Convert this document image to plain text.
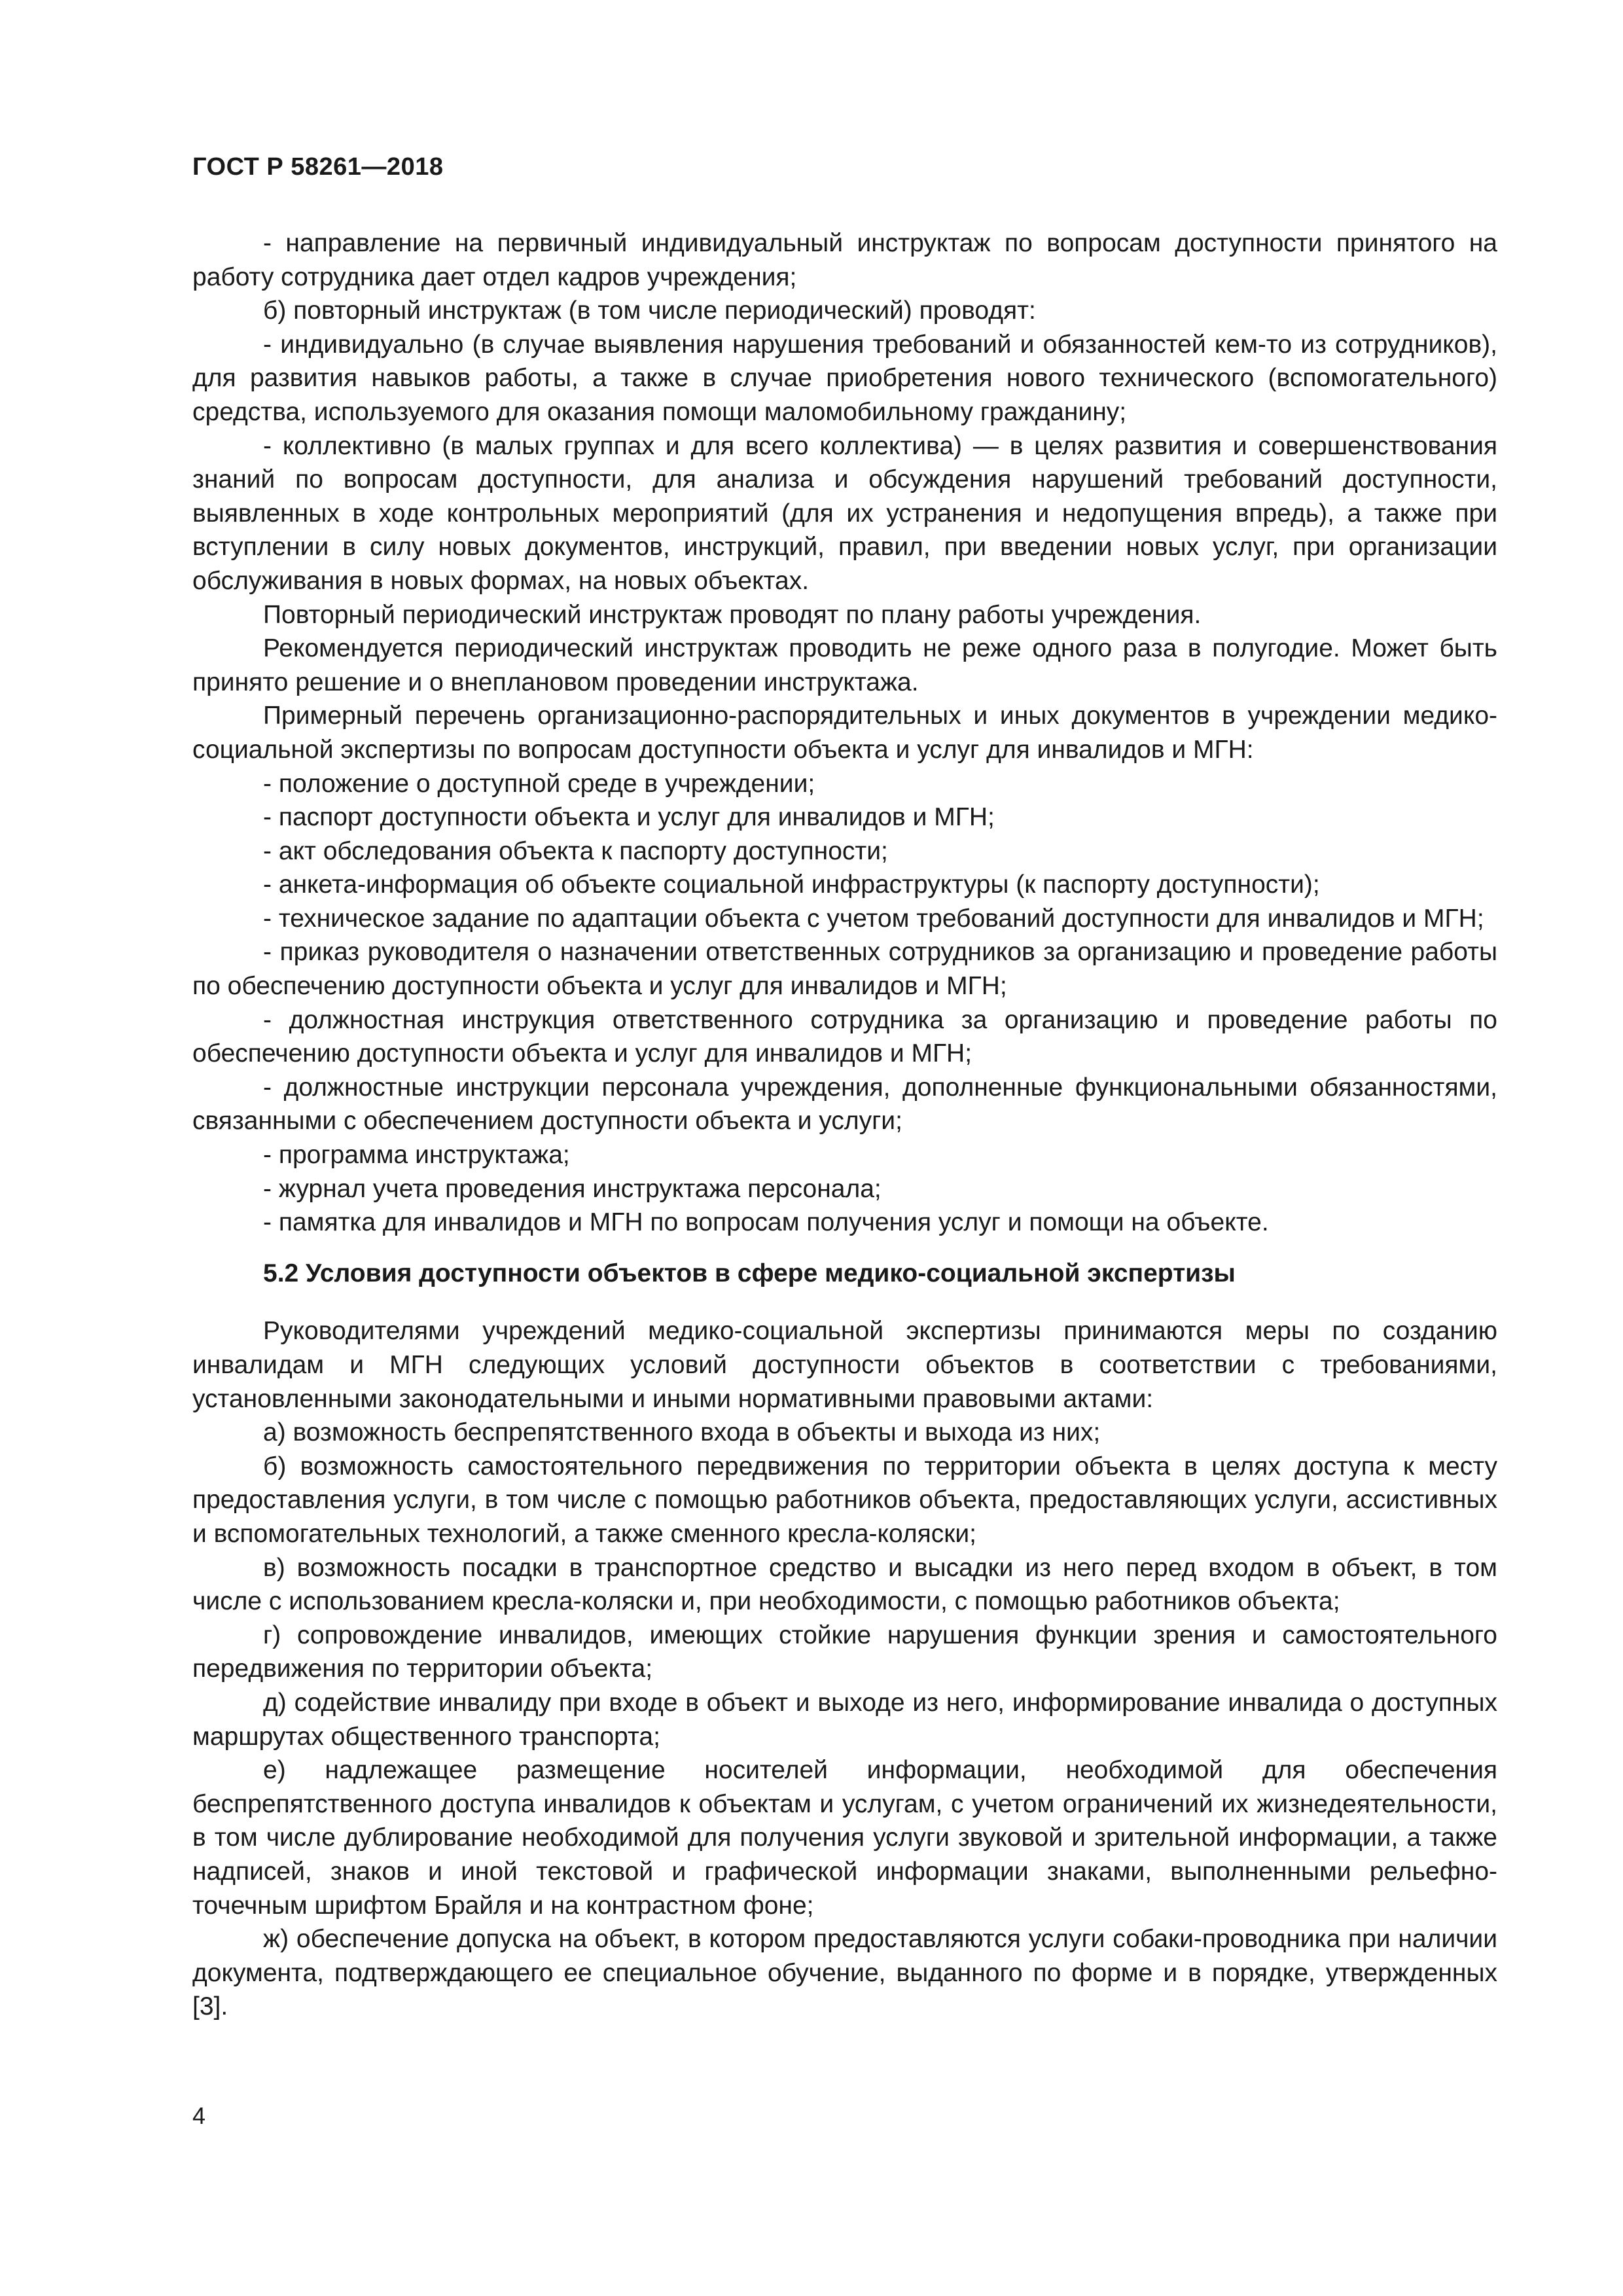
ГОСТ Р 58261—2018

- направление на первичный индивидуальный инструктаж по вопросам доступности принятого на работу сотрудника дает отдел кадров учреждения;

б) повторный инструктаж (в том числе периодический) проводят:

- индивидуально (в случае выявления нарушения требований и обязанностей кем-то из сотрудников), для развития навыков работы, а также в случае приобретения нового технического (вспомогательного) средства, используемого для оказания помощи маломобильному гражданину;

- коллективно (в малых группах и для всего коллектива) — в целях развития и совершенствования знаний по вопросам доступности, для анализа и обсуждения нарушений требований доступности, выявленных в ходе контрольных мероприятий (для их устранения и недопущения впредь), а также при вступлении в силу новых документов, инструкций, правил, при введении новых услуг, при организации обслуживания в новых формах, на новых объектах.

Повторный периодический инструктаж проводят по плану работы учреждения.

Рекомендуется периодический инструктаж проводить не реже одного раза в полугодие. Может быть принято решение и о внеплановом проведении инструктажа.

Примерный перечень организационно-распорядительных и иных документов в учреждении медико-социальной экспертизы по вопросам доступности объекта и услуг для инвалидов и МГН:

- положение о доступной среде в учреждении;

- паспорт доступности объекта и услуг для инвалидов и МГН;

- акт обследования объекта к паспорту доступности;

- анкета-информация об объекте социальной инфраструктуры (к паспорту доступности);

- техническое задание по адаптации объекта с учетом требований доступности для инвалидов и МГН;

- приказ руководителя о назначении ответственных сотрудников за организацию и проведение работы по обеспечению доступности объекта и услуг для инвалидов и МГН;

- должностная инструкция ответственного сотрудника за организацию и проведение работы по обеспечению доступности объекта и услуг для инвалидов и МГН;

- должностные инструкции персонала учреждения, дополненные функциональными обязанностями, связанными с обеспечением доступности объекта и услуги;

- программа инструктажа;

- журнал учета проведения инструктажа персонала;

- памятка для инвалидов и МГН по вопросам получения услуг и помощи на объекте.

5.2 Условия доступности объектов в сфере медико-социальной экспертизы

Руководителями учреждений медико-социальной экспертизы принимаются меры по созданию инвалидам и МГН следующих условий доступности объектов в соответствии с требованиями, установленными законодательными и иными нормативными правовыми актами:

а) возможность беспрепятственного входа в объекты и выхода из них;

б) возможность самостоятельного передвижения по территории объекта в целях доступа к месту предоставления услуги, в том числе с помощью работников объекта, предоставляющих услуги, ассистивных и вспомогательных технологий, а также сменного кресла-коляски;

в) возможность посадки в транспортное средство и высадки из него перед входом в объект, в том числе с использованием кресла-коляски и, при необходимости, с помощью работников объекта;

г) сопровождение инвалидов, имеющих стойкие нарушения функции зрения и самостоятельного передвижения по территории объекта;

д) содействие инвалиду при входе в объект и выходе из него, информирование инвалида о доступных маршрутах общественного транспорта;

е) надлежащее размещение носителей информации, необходимой для обеспечения беспрепятственного доступа инвалидов к объектам и услугам, с учетом ограничений их жизнедеятельности, в том числе дублирование необходимой для получения услуги звуковой и зрительной информации, а также надписей, знаков и иной текстовой и графической информации знаками, выполненными рельефно-точечным шрифтом Брайля и на контрастном фоне;

ж) обеспечение допуска на объект, в котором предоставляются услуги собаки-проводника при наличии документа, подтверждающего ее специальное обучение, выданного по форме и в порядке, утвержденных [3].

4
